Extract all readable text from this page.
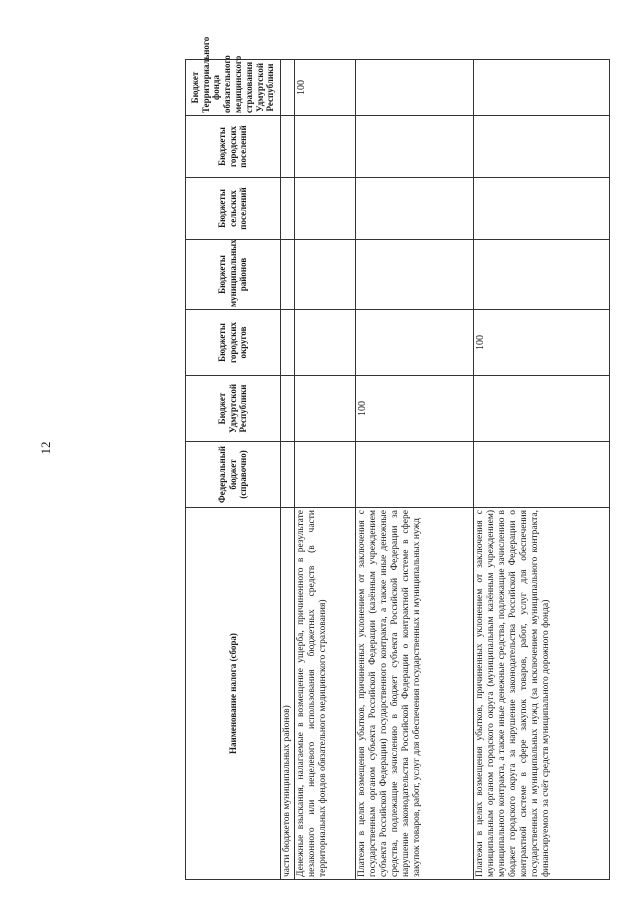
12
Наименование налога (сбора)	Федеральный бюджет (справочно)	Бюджет Удмуртской Республики	Бюджеты городских округов	Бюджеты муниципальных районов	Бюджеты сельских поселений	Бюджеты городских поселений	Бюджет Территориального фонда обязательного медицинского страхования Удмуртской Республики
части бюджетов муниципальных районов)							
Денежные взыскания, налагаемые в возмещение ущерба, причиненного в результате незаконного или нецелевого использования бюджетных средств (в части территориальных фондов обязательного медицинского страхования)							100
Платежи в целях возмещения убытков, причиненных уклонением от заключения с государственным органом субъекта Российской Федерации (казённым учреждением субъекта Российской Федерации) государственного контракта, а также иные денежные средства, подлежащие зачислению в бюджет субъекта Российской Федерации за нарушение законодательства Российской Федерации о контрактной системе в сфере закупок товаров, работ, услуг для обеспечения государственных и муниципальных нужд		100					
Платежи в целях возмещения убытков, причиненных уклонением от заключения с муниципальным органом городского округа (муниципальным казённым учреждением) муниципального контракта, а также иные денежные средства, подлежащие зачислению в бюджет городского округа за нарушение законодательства Российской Федерации о контрактной системе в сфере закупок товаров, работ, услуг для обеспечения государственных и муниципальных нужд (за исключением муниципального контракта, финансируемого за счёт средств муниципального дорожного фонда)			100				
